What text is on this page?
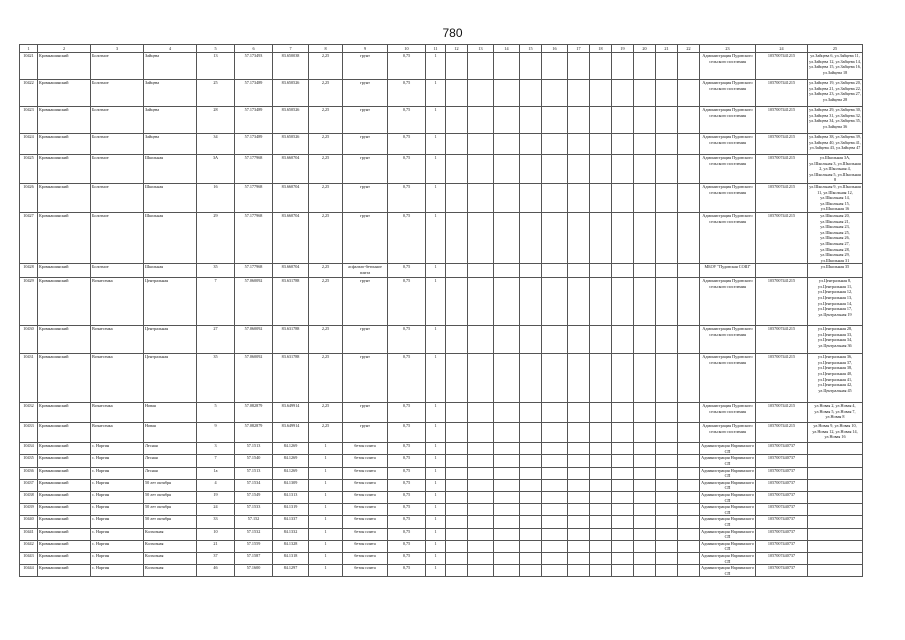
780
1	2	3	4	5	6	7	8	9	10	11	12	13	14	15	16	17	18	19	20	21	22	23	24	25
10421	Кромкашинский	Болотное	Зайцева	13	57.173493	83.650038	2,25	грунт	0,75	1												Администрация Пудовского сельского поселения	1057007441215	ул.Зайцева 6, ул.Зайцева 11, ул.Зайцева 12, ул.Зайцева 14, ул.Зайцева 15, ул.Зайцева 16, ул.Зайцева 18
10422	Кромкашинский	Болотное	Зайцева	25	57.173489	83.650526	2,25	грунт	0,75	1												Администрация Пудовского сельского поселения	1057007441215	ул.Зайцева 19, ул.Зайцева 20, ул.Зайцева 21, ул.Зайцева 22, ул.Зайцева 23, ул.Зайцева 27, ул.Зайцева 28
10423	Кромкашинский	Болотное	Зайцева	28	57.173489	83.650526	2,25	грунт	0,75	1												Администрация Пудовского сельского поселения	1057007441215	ул.Зайцева 29, ул.Зайцева 30, ул.Зайцева 31, ул.Зайцева 32, ул.Зайцева 34, ул.Зайцева 35, ул.Зайцева 36
10424	Кромкашинский	Болотное	Зайцева	34	57.173489	83.650526	2,25	грунт	0,75	1												Администрация Пудовского сельского поселения	1057007441215	ул.Зайцева 38, ул.Зайцева 39, ул.Зайцева 40, ул.Зайцева 41, ул.Зайцева 43, ул.Зайцева 47
10425	Кромкашинский	Болотное	Школьная	3А	57.177968	83.660704	2,25	грунт	0,75	1												Администрация Пудовского сельского поселения	1057007441215	ул.Школьная 3А, ул.Школьная 3, ул.Школьная 2, ул.Школьная 4, ул.Школьная 5, ул.Школьная 8
10426	Кромкашинский	Болотное	Школьная	16	57.177968	83.660704	2,25	грунт	0,75	1												Администрация Пудовского сельского поселения	1057007441215	ул.Школьная 9, ул.Школьная 11, ул.Школьная 12, ул.Школьная 14, ул.Школьная 15, ул.Школьная 16
10427	Кромкашинский	Болотное	Школьная	29	57.177968	83.660704	2,25	грунт	0,75	1												Администрация Пудовского сельского поселения	1057007441215	ул.Школьная 20, ул.Школьная 21, ул.Школьная 23, ул.Школьная 25, ул.Школьная 26, ул.Школьная 27, ул.Школьная 28, ул.Школьная 29, ул.Школьная 31
10428	Кромкашинский	Болотное	Школьная	35	57.177968	83.660704	2,25	асфальто-бетонное плита	0,75	1												МБОУ "Пудовская СОШ"		ул.Школьная 35
10429	Кромкашинский	Вознесенка	Центральная	7	57.060092	83.631788	2,25	грунт	0,75	1												Администрация Пудовского сельского поселения	1057007441215	ул.Центральная 8, ул.Центральная 11, ул.Центральная 12, ул.Центральная 13, ул.Центральная 14, ул.Центральная 17, ул.Центральная 19
10430	Кромкашинский	Вознесенка	Центральная	27	57.060092	83.631788	2,25	грунт	0,75	1												Администрация Пудовского сельского поселения	1057007441215	ул.Центральная 28, ул.Центральная 33, ул.Центральная 34, ул.Центральная 36
10431	Кромкашинский	Вознесенка	Центральная	35	57.060092	83.631788	2,25	грунт	0,75	1												Администрация Пудовского сельского поселения	1057007441215	ул.Центральная 36, ул.Центральная 37, ул.Центральная 38, ул.Центральная 40, ул.Центральная 41, ул.Центральная 42, ул.Центральная 45
10432	Кромкашинский	Вознесенка	Новая	5	57.082879	83.649914	2,25	грунт	0,75	1												Администрация Пудовского сельского поселения	1057007441215	ул.Новая 2, ул.Новая 4, ул.Новая 5, ул.Новая 7, ул.Новая 8
10433	Кромкашинский	Вознесенка	Новая	9	57.082879	83.649914	2,25	грунт	0,75	1												Администрация Пудовского сельского поселения	1057007441215	ул.Новая 9, ул.Новая 10, ул.Новая 12, ул.Новая 14, ул.Новая 16
10434	Кромкашинский	с. Наргин	Лесная	3	57.1513	84.1269	1	бетон плита	0,75	1												Администрация Нарпинского СП	1057007440737	
10435	Кромкашинский	с. Наргин	Лесная	7	57.1540	84.1269	1	бетон плита	0,75	1												Администрация Нарпинского СП	1057007440737	
10436	Кромкашинский	с. Наргин	Лесная	1а	57.1513	84.1269	1	бетон плита	0,75	1												Администрация Нарпинского СП	1057007440737	
10437	Кромкашинский	с. Наргин	50 лет октября	4	57.1534	84.1309	1	бетон плита	0,75	1												Администрация Нарпинского СП	1057007440737	
10438	Кромкашинский	с. Наргин	50 лет октября	19	57.1549	84.1313	1	бетон плита	0,75	1												Администрация Нарпинского СП	1057007440737	
10439	Кромкашинский	с. Наргин	50 лет октября	24	57.1533	84.1319	1	бетон плита	0,75	1												Администрация Нарпинского СП	1057007440737	
10440	Кромкашинский	с. Наргин	50 лет октября	33	57.152	84.1337	1	бетон плита	0,75	1												Администрация Нарпинского СП	1057007440737	
10441	Кромкашинский	с. Наргин	Колхозная	10	57.1532	84.1332	1	бетон плита	0,75	1												Администрация Нарпинского СП	1057007440737	
10442	Кромкашинский	с. Наргин	Колхозная	21	57.1559	84.1328	1	бетон плита	0,75	1												Администрация Нарпинского СП	1057007440737	
10443	Кромкашинский	с. Наргин	Колхозная	37	57.1587	84.1318	1	бетон плита	0,75	1												Администрация Нарпинского СП	1057007440737	
10444	Кромкашинский	с. Наргин	Колхозная	46	57.1600	84.1297	1	бетон плита	0,75	1												Администрация Нарпинского СП	1057007440737	
